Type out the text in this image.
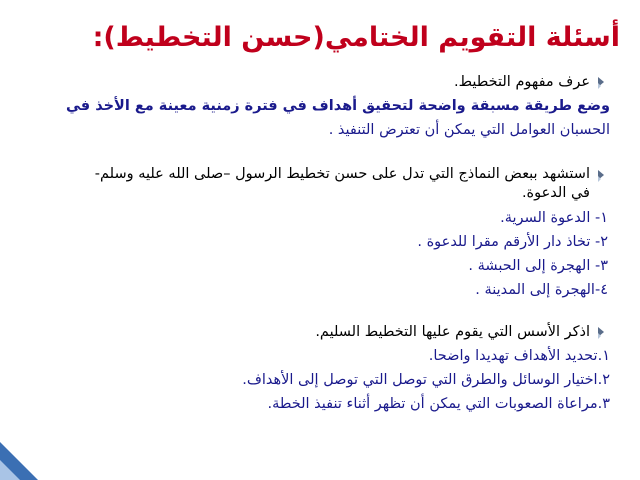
أسئلة التقويم الختامي(حسن التخطيط):
عرف مفهوم التخطيط.
وضع طريقة مسبقة واضحة لتحقيق أهداف في فترة زمنية معينة مع الأخذ في
الحسبان العوامل التي يمكن أن تعترض التنفيذ .
استشهد ببعض النماذج التي تدل على حسن تخطيط الرسول –صلى الله عليه وسلم-
في الدعوة.
١- الدعوة السرية.
٢- تخاذ دار الأرقم مقرا للدعوة .
٣- الهجرة إلى الحبشة .
٤-الهجرة إلى المدينة .
اذكر الأسس التي يقوم عليها التخطيط السليم.
١.تحديد الأهداف تهديدا واضحا.
٢.اختيار الوسائل والطرق التي توصل التي توصل إلى الأهداف.
٣.مراعاة الصعوبات التي يمكن أن تظهر أثناء تنفيذ الخطة.
